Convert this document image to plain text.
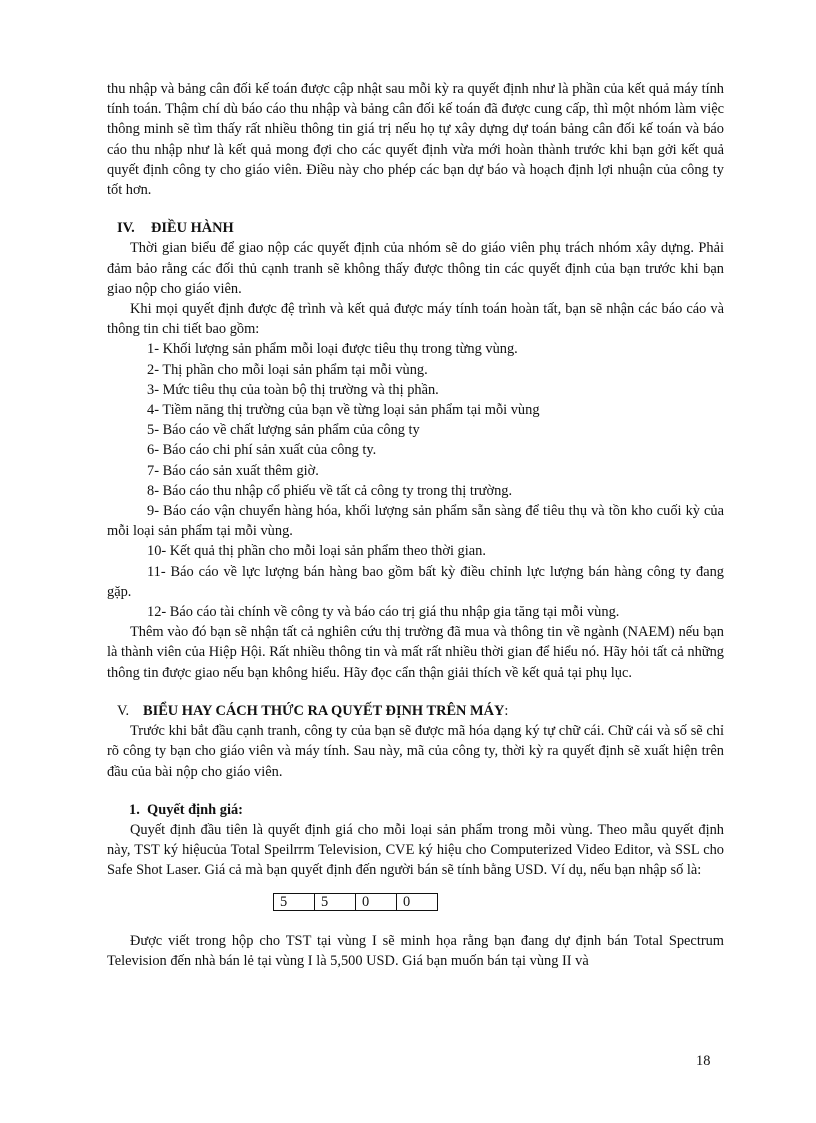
thu nhập và bảng cân đối kế toán được cập nhật sau mỗi kỳ ra quyết định như là phần của kết quả máy tính tính toán. Thậm chí dù báo cáo thu nhập và bảng cân đối kế toán đã được cung cấp, thì một nhóm làm việc thông minh sẽ tìm thấy rất nhiều thông tin giá trị nếu họ tự xây dựng dự toán bảng cân đối kế toán và báo cáo thu nhập như là kết quả mong đợi cho các quyết định vừa mới hoàn thành trước khi bạn gởi kết quả quyết định công ty cho giáo viên. Điều này cho phép các bạn dự báo và hoạch định lợi nhuận của công ty tốt hơn.

IV. ĐIỀU HÀNH

Thời gian biểu để giao nộp các quyết định của nhóm sẽ do giáo viên phụ trách nhóm xây dựng. Phải đảm bảo rằng các đối thủ cạnh tranh sẽ không thấy được thông tin các quyết định của bạn trước khi bạn giao nộp cho giáo viên.

Khi mọi quyết định được đệ trình và kết quả được máy tính toán hoàn tất, bạn sẽ nhận các báo cáo và thông tin chi tiết bao gồm:

1- Khối lượng sản phẩm mỗi loại được tiêu thụ trong từng vùng.
2- Thị phần cho mỗi loại sản phẩm tại mỗi vùng.
3- Mức tiêu thụ của toàn bộ thị trường và thị phần.
4- Tiềm năng thị trường của bạn về từng loại sản phẩm tại mỗi vùng
5- Báo cáo về chất lượng sản phẩm của công ty
6- Báo cáo chi phí sản xuất của công ty.
7- Báo cáo sản xuất thêm giờ.
8- Báo cáo thu nhập cổ phiếu về tất cả công ty trong thị trường.
9- Báo cáo vận chuyển hàng hóa, khối lượng sản phẩm sẵn sàng để tiêu thụ và tồn kho cuối kỳ của mỗi loại sản phẩm tại mỗi vùng.
10- Kết quả thị phần cho mỗi loại sản phẩm theo thời gian.
11- Báo cáo về lực lượng bán hàng bao gồm bất kỳ điều chỉnh lực lượng bán hàng công ty đang gặp.
12- Báo cáo tài chính về công ty và báo cáo trị giá thu nhập gia tăng tại mỗi vùng.

Thêm vào đó bạn sẽ nhận tất cả nghiên cứu thị trường đã mua và thông tin về ngành (NAEM) nếu bạn là thành viên của Hiệp Hội. Rất nhiều thông tin và mất rất nhiều thời gian để hiểu nó. Hãy hỏi tất cả những thông tin được giao nếu bạn không hiểu. Hãy đọc cẩn thận giải thích về kết quả tại phụ lục.

V. BIỂU HAY CÁCH THỨC RA QUYẾT ĐỊNH TRÊN MÁY:

Trước khi bắt đầu cạnh tranh, công ty của bạn sẽ được mã hóa dạng ký tự chữ cái. Chữ cái và số sẽ chỉ rõ công ty bạn cho giáo viên và máy tính. Sau này, mã của công ty, thời kỳ ra quyết định sẽ xuất hiện trên đầu của bài nộp cho giáo viên.

1. Quyết định giá:

Quyết định đầu tiên là quyết định giá cho mỗi loại sản phẩm trong mỗi vùng. Theo mẫu quyết định này, TST ký hiệucủa Total Speilrrm Television, CVE ký hiệu cho Computerized Video Editor, và SSL cho Safe Shot Laser. Giá cả mà bạn quyết định đến người bán sẽ tính bằng USD. Ví dụ, nếu bạn nhập số là:

5	5	0	0

Được viết trong hộp cho TST tại vùng I sẽ minh họa rằng bạn đang dự định bán Total Spectrum Television đến nhà bán lẻ tại vùng I là 5,500 USD. Giá bạn muốn bán tại vùng II và

18
